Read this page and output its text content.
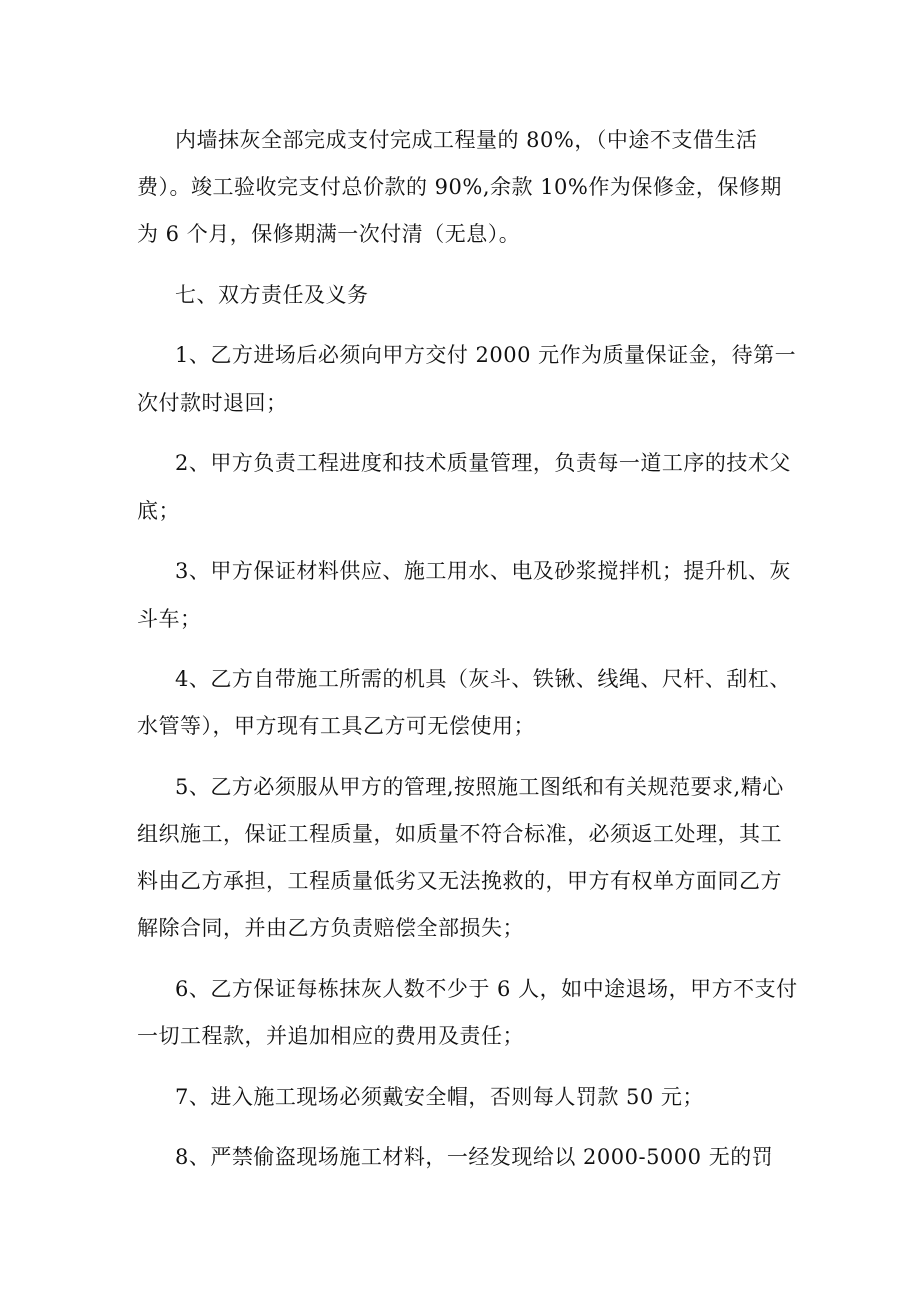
内墙抹灰全部完成支付完成工程量的 80%，（中途不支借生活
费）。竣工验收完支付总价款的 90%,余款 10%作为保修金，保修期
为 6 个月，保修期满一次付清（无息）。
七、双方责任及义务
1、乙方进场后必须向甲方交付 2000 元作为质量保证金，待第一
次付款时退回；
2、甲方负责工程进度和技术质量管理，负责每一道工序的技术父
底；
3、甲方保证材料供应、施工用水、电及砂浆搅拌机；提升机、灰
斗车；
4、乙方自带施工所需的机具（灰斗、铁锹、线绳、尺杆、刮杠、
水管等），甲方现有工具乙方可无偿使用；
5、乙方必须服从甲方的管理,按照施工图纸和有关规范要求,精心
组织施工，保证工程质量，如质量不符合标准，必须返工处理，其工
料由乙方承担，工程质量低劣又无法挽救的，甲方有权单方面同乙方
解除合同，并由乙方负责赔偿全部损失；
6、乙方保证每栋抹灰人数不少于 6 人，如中途退场，甲方不支付
一切工程款，并追加相应的费用及责任；
7、进入施工现场必须戴安全帽，否则每人罚款 50 元；
8、严禁偷盗现场施工材料，一经发现给以 2000-5000 无的罚
